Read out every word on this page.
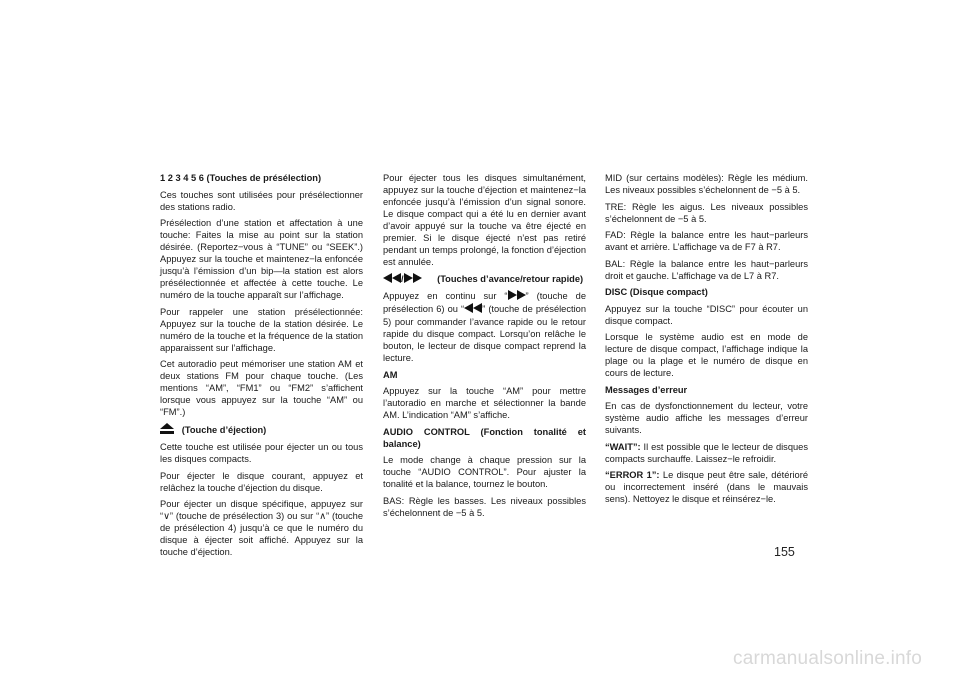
1 2 3 4 5 6 (Touches de présélection)
Ces touches sont utilisées pour présélectionner des stations radio.
Présélection d’une station et affectation à une touche: Faites la mise au point sur la station désirée. (Reportez−vous à “TUNE” ou “SEEK”.) Appuyez sur la touche et maintenez−la enfoncée jusqu’à l’émission d’un bip—la station est alors présélectionnée et affectée à cette touche. Le numéro de la touche apparaît sur l’affichage.
Pour rappeler une station présélectionnée: Appuyez sur la touche de la station désirée. Le numéro de la touche et la fréquence de la station apparaissent sur l’affichage.
Cet autoradio peut mémoriser une station AM et deux stations FM pour chaque touche. (Les mentions “AM”, “FM1” ou “FM2” s’affichent lorsque vous appuyez sur la touche “AM” ou “FM”.)
(Touche d’éjection)
Cette touche est utilisée pour éjecter un ou tous les disques compacts.
Pour éjecter le disque courant, appuyez et relâchez la touche d’éjection du disque.
Pour éjecter un disque spécifique, appuyez sur “∨” (touche de présélection 3) ou sur “∧” (touche de présélection 4) jusqu’à ce que le numéro du disque à éjecter soit affiché. Appuyez sur la touche d’éjection.
Pour éjecter tous les disques simultanément, appuyez sur la touche d’éjection et maintenez−la enfoncée jusqu’à l’émission d’un signal sonore. Le disque compact qui a été lu en dernier avant d’avoir appuyé sur la touche va être éjecté en premier. Si le disque éjecté n’est pas retiré pendant un temps prolongé, la fonction d’éjection est annulée.
/      (Touches d’avance/retour rapide)
Appuyez en continu sur “ ” (touche de présélection 6) ou “ ” (touche de présélection 5) pour commander l’avance rapide ou le retour rapide du disque compact. Lorsqu’on relâche le bouton, le lecteur de disque compact reprend la lecture.
AM
Appuyez sur la touche “AM” pour mettre l’autoradio en marche et sélectionner la bande AM. L’indication “AM” s’affiche.
AUDIO CONTROL (Fonction tonalité et balance)
Le mode change à chaque pression sur la touche “AUDIO CONTROL”. Pour ajuster la tonalité et la balance, tournez le bouton.
BAS: Règle les basses. Les niveaux possibles s’échelonnent de −5 à 5.
MID (sur certains modèles): Règle les médium. Les niveaux possibles s’échelonnent de −5 à 5.
TRE: Règle les aigus. Les niveaux possibles s’échelonnent de −5 à 5.
FAD: Règle la balance entre les haut−parleurs avant et arrière. L’affichage va de F7 à R7.
BAL: Règle la balance entre les haut−parleurs droit et gauche. L’affichage va de L7 à R7.
DISC (Disque compact)
Appuyez sur la touche “DISC” pour écouter un disque compact.
Lorsque le système audio est en mode de lecture de disque compact, l’affichage indique la plage ou la plage et le numéro de disque en cours de lecture.
Messages d’erreur
En cas de dysfonctionnement du lecteur, votre système audio affiche les messages d’erreur suivants.
“WAIT”: Il est possible que le lecteur de disques compacts surchauffe. Laissez−le refroidir.
“ERROR 1”: Le disque peut être sale, détérioré ou incorrectement inséré (dans le mauvais sens). Nettoyez le disque et réinsérez−le.
155
carmanualsonline.info
